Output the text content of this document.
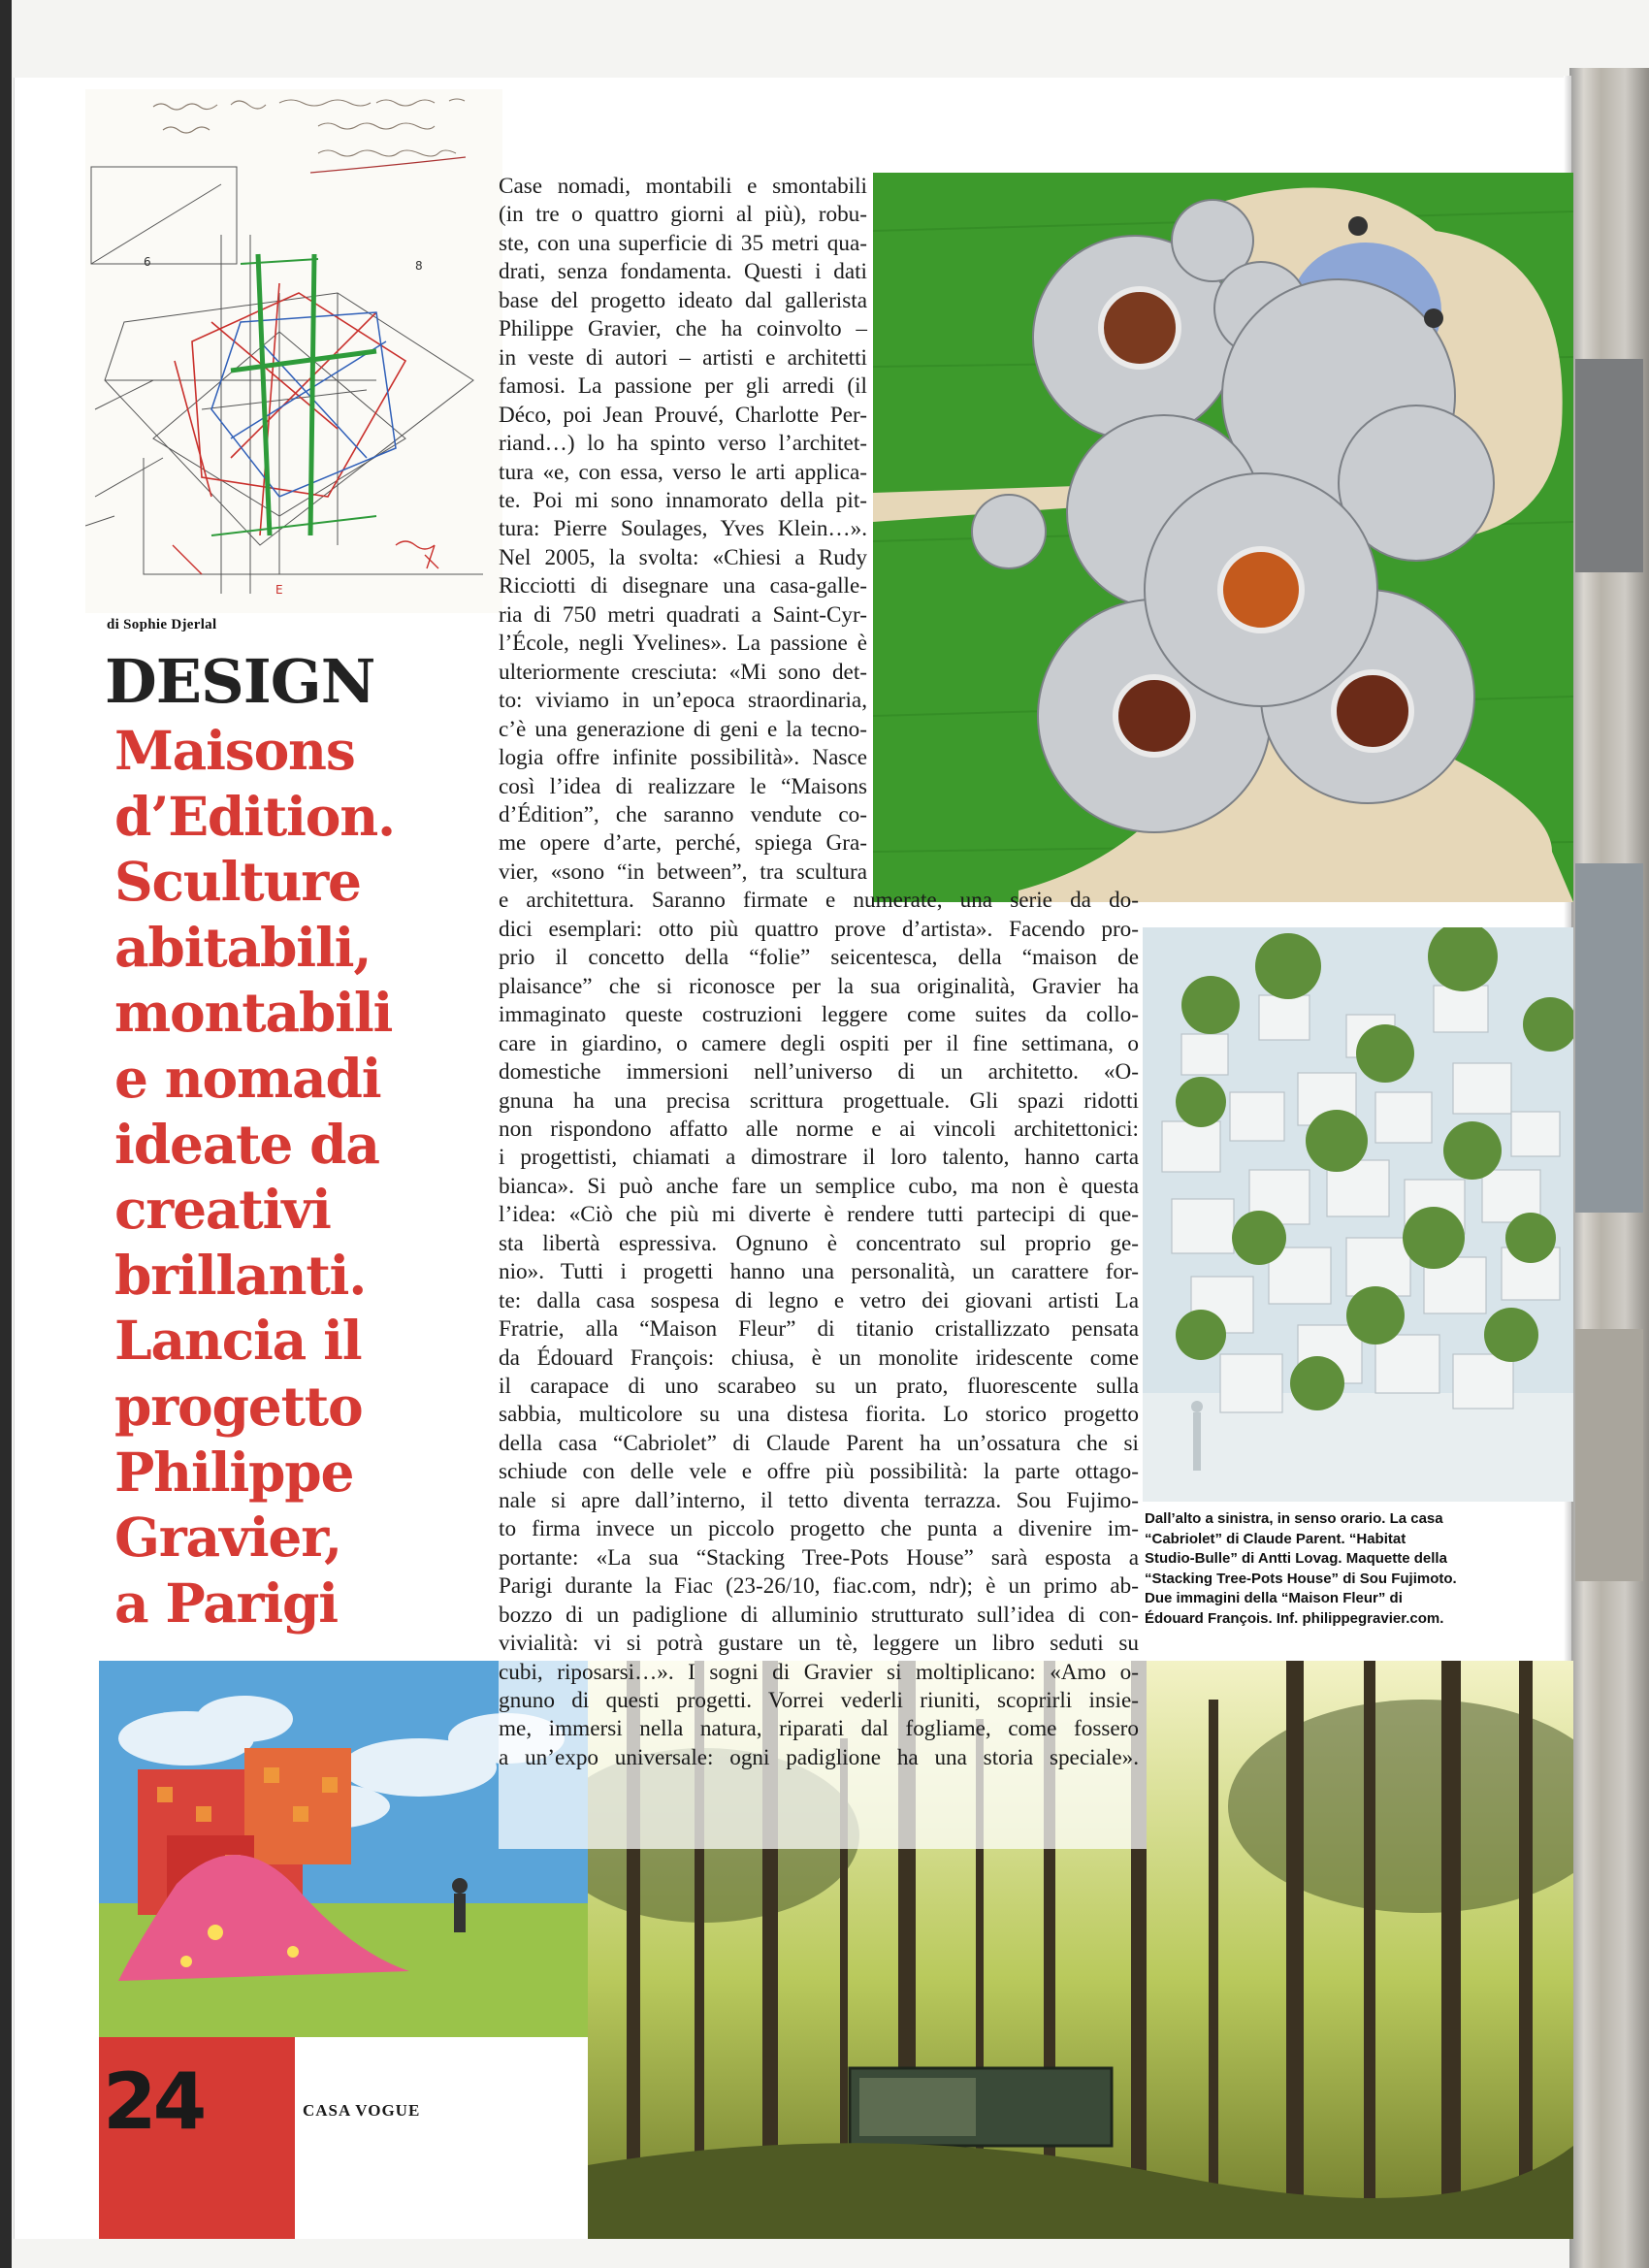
6	8
E
di Sophie Djerlal
DESIGN
Maisons
d’Edition.
Sculture
abitabili,
montabili
e nomadi
ideate da
creativi
brillanti.
Lancia il
progetto
Philippe
Gravier,
a Parigi
Dall’alto a sinistra, in senso orario. La casa
“Cabriolet” di Claude Parent. “Habitat
Studio-Bulle” di Antti Lovag. Maquette della
“Stacking Tree-Pots House” di Sou Fujimoto.
Due immagini della “Maison Fleur” di
Édouard François. Inf. philippegravier.com.
Case nomadi, montabili e smontabili
(in tre o quattro giorni al più), robu-
ste, con una superficie di 35 metri qua-
drati, senza fondamenta. Questi i dati
base del progetto ideato dal gallerista
Philippe Gravier, che ha coinvolto –
in veste di autori – artisti e architetti
famosi. La passione per gli arredi (il
Déco, poi Jean Prouvé, Charlotte Per-
riand…) lo ha spinto verso l’architet-
tura «e, con essa, verso le arti applica-
te. Poi mi sono innamorato della pit-
tura: Pierre Soulages, Yves Klein…».
Nel 2005, la svolta: «Chiesi a Rudy
Ricciotti di disegnare una casa-galle-
ria di 750 metri quadrati a Saint-Cyr-
l’École, negli Yvelines». La passione è
ulteriormente cresciuta: «Mi sono det-
to: viviamo in un’epoca straordinaria,
c’è una generazione di geni e la tecno-
logia offre infinite possibilità». Nasce
così l’idea di realizzare le “Maisons
d’Édition”, che saranno vendute co-
me opere d’arte, perché, spiega Gra-
vier, «sono “in between”, tra scultura
e architettura. Saranno firmate e numerate, una serie da do-
dici esemplari: otto più quattro prove d’artista». Facendo pro-
prio il concetto della “folie” seicentesca, della “maison de
plaisance” che si riconosce per la sua originalità, Gravier ha
immaginato queste costruzioni leggere come suites da collo-
care in giardino, o camere degli ospiti per il fine settimana, o
domestiche immersioni nell’universo di un architetto. «O-
gnuna ha una precisa scrittura progettuale. Gli spazi ridotti
non rispondono affatto alle norme e ai vincoli architettonici:
i progettisti, chiamati a dimostrare il loro talento, hanno carta
bianca». Si può anche fare un semplice cubo, ma non è questa
l’idea: «Ciò che più mi diverte è rendere tutti partecipi di que-
sta libertà espressiva. Ognuno è concentrato sul proprio ge-
nio». Tutti i progetti hanno una personalità, un carattere for-
te: dalla casa sospesa di legno e vetro dei giovani artisti La
Fratrie, alla “Maison Fleur” di titanio cristallizzato pensata
da Édouard François: chiusa, è un monolite iridescente come
il carapace di uno scarabeo su un prato, fluorescente sulla
sabbia, multicolore su una distesa fiorita. Lo storico progetto
della casa “Cabriolet” di Claude Parent ha un’ossatura che si
schiude con delle vele e offre più possibilità: la parte ottago-
nale si apre dall’interno, il tetto diventa terrazza. Sou Fujimo-
to firma invece un piccolo progetto che punta a divenire im-
portante: «La sua “Stacking Tree-Pots House” sarà esposta a
Parigi durante la Fiac (23-26/10, fiac.com, ndr); è un primo ab-
bozzo di un padiglione di alluminio strutturato sull’idea di con-
vivialità: vi si potrà gustare un tè, leggere un libro seduti su
cubi, riposarsi…». I sogni di Gravier si moltiplicano: «Amo o-
gnuno di questi progetti. Vorrei vederli riuniti, scoprirli insie-
me, immersi nella natura, riparati dal fogliame, come fossero
a un’expo universale: ogni padiglione ha una storia speciale».
24	CASA VOGUE
